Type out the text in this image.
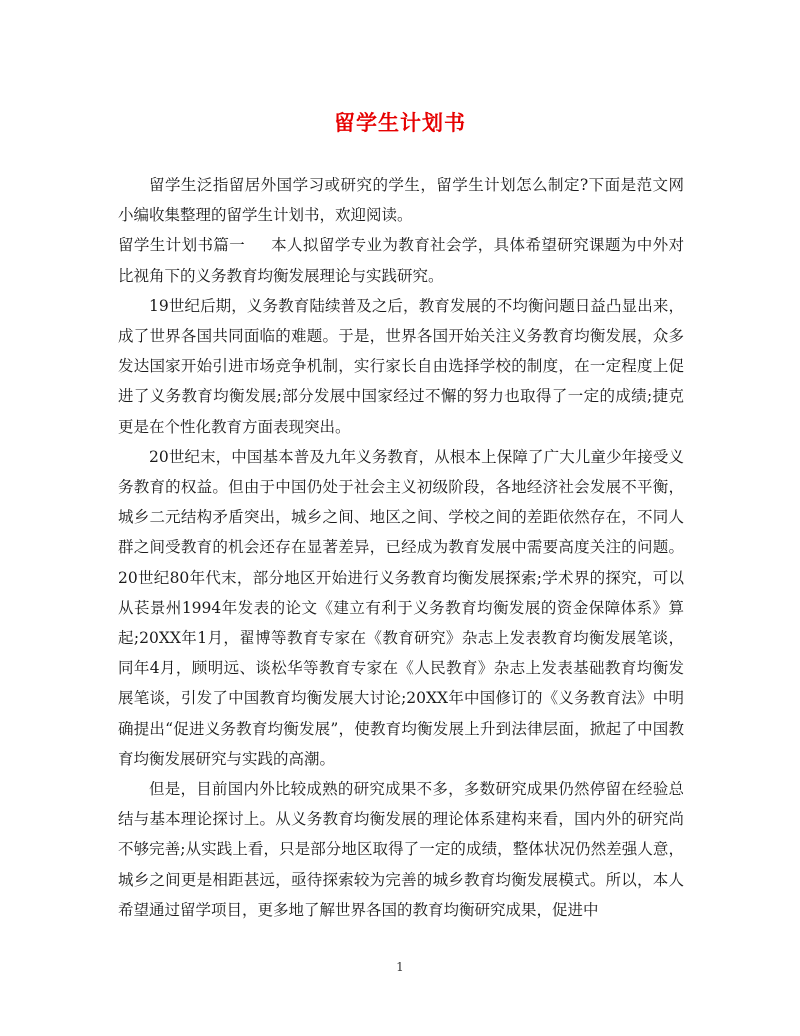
留学生计划书

留学生泛指留居外国学习或研究的学生，留学生计划怎么制定?下面是范文网小编收集整理的留学生计划书，欢迎阅读。

留学生计划书篇一 本人拟留学专业为教育社会学，具体希望研究课题为中外对比视角下的义务教育均衡发展理论与实践研究。

19世纪后期，义务教育陆续普及之后，教育发展的不均衡问题日益凸显出来，成了世界各国共同面临的难题。于是，世界各国开始关注义务教育均衡发展，众多发达国家开始引进市场竞争机制，实行家长自由选择学校的制度，在一定程度上促进了义务教育均衡发展;部分发展中国家经过不懈的努力也取得了一定的成绩;捷克更是在个性化教育方面表现突出。

20世纪末，中国基本普及九年义务教育，从根本上保障了广大儿童少年接受义务教育的权益。但由于中国仍处于社会主义初级阶段，各地经济社会发展不平衡，城乡二元结构矛盾突出，城乡之间、地区之间、学校之间的差距依然存在，不同人群之间受教育的机会还存在显著差异，已经成为教育发展中需要高度关注的问题。20世纪80年代末，部分地区开始进行义务教育均衡发展探索;学术界的探究，可以从苌景州1994年发表的论文《建立有利于义务教育均衡发展的资金保障体系》算起;20XX年1月，翟博等教育专家在《教育研究》杂志上发表教育均衡发展笔谈，同年4月，顾明远、谈松华等教育专家在《人民教育》杂志上发表基础教育均衡发展笔谈，引发了中国教育均衡发展大讨论;20XX年中国修订的《义务教育法》中明确提出“促进义务教育均衡发展”，使教育均衡发展上升到法律层面，掀起了中国教育均衡发展研究与实践的高潮。

但是，目前国内外比较成熟的研究成果不多，多数研究成果仍然停留在经验总结与基本理论探讨上。从义务教育均衡发展的理论体系建构来看，国内外的研究尚不够完善;从实践上看，只是部分地区取得了一定的成绩，整体状况仍然差强人意，城乡之间更是相距甚远，亟待探索较为完善的城乡教育均衡发展模式。所以，本人希望通过留学项目，更多地了解世界各国的教育均衡研究成果，促进中

1
